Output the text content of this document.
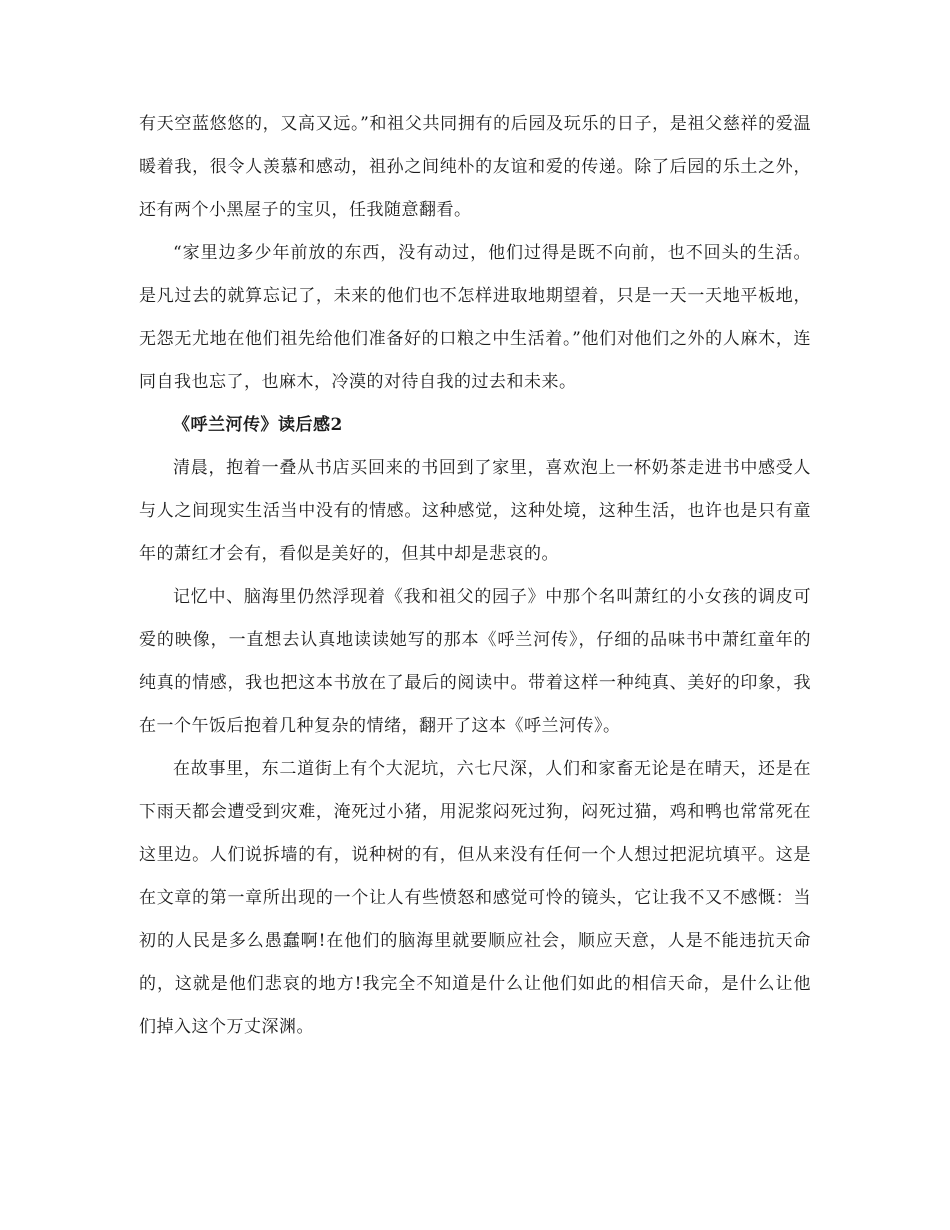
有天空蓝悠悠的，又高又远。”和祖父共同拥有的后园及玩乐的日子，是祖父慈祥的爱温暖着我，很令人羡慕和感动，祖孙之间纯朴的友谊和爱的传递。除了后园的乐土之外，还有两个小黑屋子的宝贝，任我随意翻看。

“家里边多少年前放的东西，没有动过，他们过得是既不向前，也不回头的生活。是凡过去的就算忘记了，未来的他们也不怎样进取地期望着，只是一天一天地平板地，无怨无尤地在他们祖先给他们准备好的口粮之中生活着。”他们对他们之外的人麻木，连同自我也忘了，也麻木，冷漠的对待自我的过去和未来。

《呼兰河传》读后感2

清晨，抱着一叠从书店买回来的书回到了家里，喜欢泡上一杯奶茶走进书中感受人与人之间现实生活当中没有的情感。这种感觉，这种处境，这种生活，也许也是只有童年的萧红才会有，看似是美好的，但其中却是悲哀的。

记忆中、脑海里仍然浮现着《我和祖父的园子》中那个名叫萧红的小女孩的调皮可爱的映像，一直想去认真地读读她写的那本《呼兰河传》，仔细的品味书中萧红童年的纯真的情感，我也把这本书放在了最后的阅读中。带着这样一种纯真、美好的印象，我在一个午饭后抱着几种复杂的情绪，翻开了这本《呼兰河传》。

在故事里，东二道街上有个大泥坑，六七尺深，人们和家畜无论是在晴天，还是在下雨天都会遭受到灾难，淹死过小猪，用泥浆闷死过狗，闷死过猫，鸡和鸭也常常死在这里边。人们说拆墙的有，说种树的有，但从来没有任何一个人想过把泥坑填平。这是在文章的第一章所出现的一个让人有些愤怒和感觉可怜的镜头，它让我不又不感慨：当初的人民是多么愚蠢啊!在他们的脑海里就要顺应社会，顺应天意，人是不能违抗天命的，这就是他们悲哀的地方!我完全不知道是什么让他们如此的相信天命，是什么让他们掉入这个万丈深渊。
